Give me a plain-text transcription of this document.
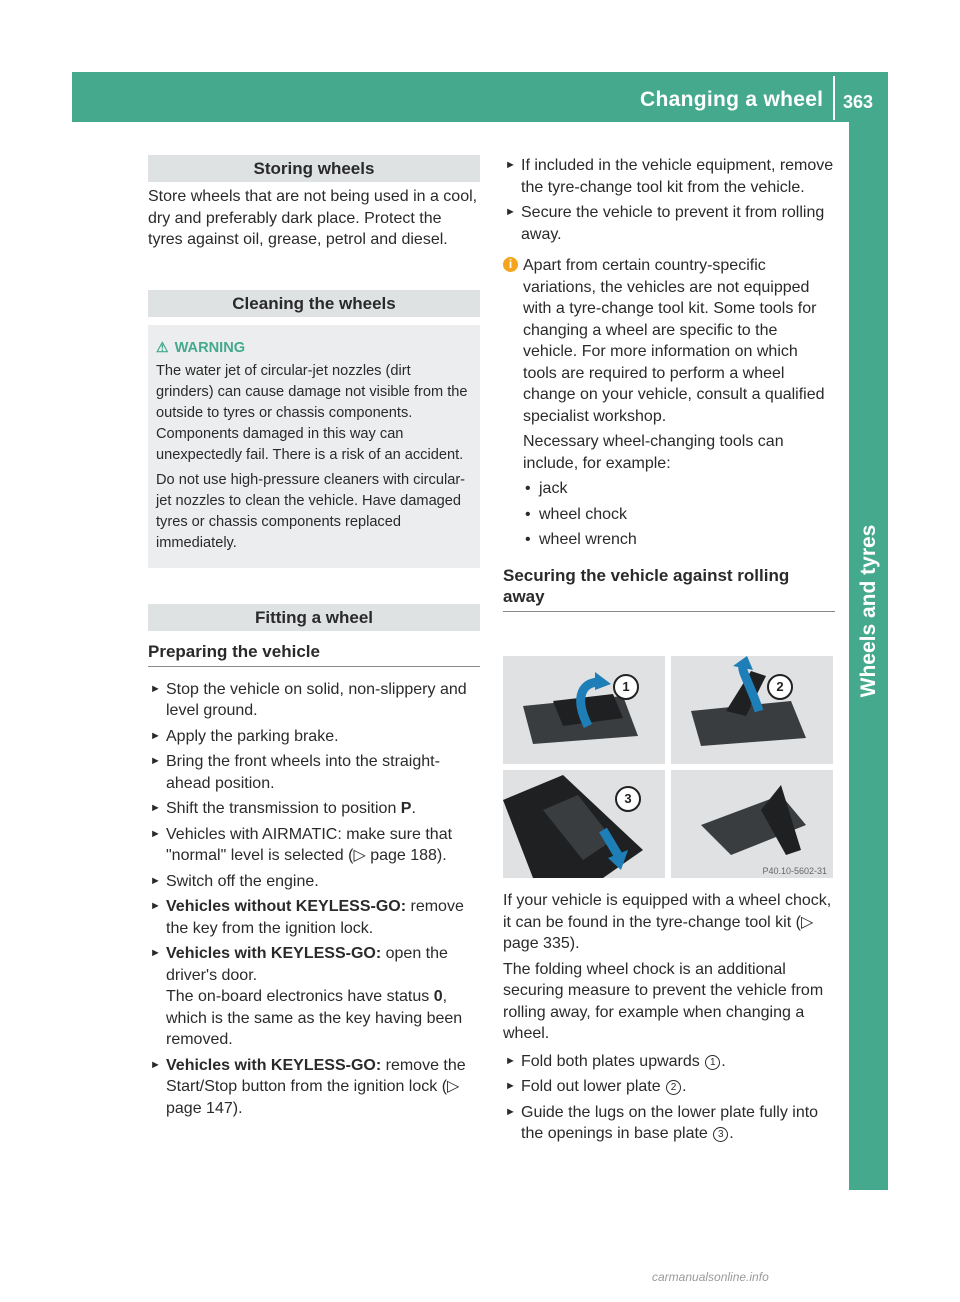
Changing a wheel 363
Wheels and tyres
Storing wheels

Store wheels that are not being used in a cool, dry and preferably dark place. Protect the tyres against oil, grease, petrol and diesel.

Cleaning the wheels
⚠ WARNING

The water jet of circular-jet nozzles (dirt grinders) can cause damage not visible from the outside to tyres or chassis components. Components damaged in this way can unexpectedly fail. There is a risk of an accident.

Do not use high-pressure cleaners with circular-jet nozzles to clean the vehicle. Have damaged tyres or chassis components replaced immediately.

Fitting a wheel
Preparing the vehicle
► Stop the vehicle on solid, non-slippery and level ground.
► Apply the parking brake.
► Bring the front wheels into the straight-ahead position.
► Shift the transmission to position P.
► Vehicles with AIRMATIC: make sure that "normal" level is selected (▷ page 188).
► Switch off the engine.
► Vehicles without KEYLESS-GO: remove the key from the ignition lock.
► Vehicles with KEYLESS-GO: open the driver's door.
The on-board electronics have status 0, which is the same as the key having been removed.
► Vehicles with KEYLESS-GO: remove the Start/Stop button from the ignition lock (▷ page 147).
► If included in the vehicle equipment, remove the tyre-change tool kit from the vehicle.
► Secure the vehicle to prevent it from rolling away.
i Apart from certain country-specific variations, the vehicles are not equipped with a tyre-change tool kit. Some tools for changing a wheel are specific to the vehicle. For more information on which tools are required to perform a wheel change on your vehicle, consult a qualified specialist workshop.

Necessary wheel-changing tools can include, for example:

• jack
• wheel chock
• wheel wrench
Securing the vehicle against rolling away
1	2
3
P40.10-5602-31

If your vehicle is equipped with a wheel chock, it can be found in the tyre-change tool kit (▷ page 335).

The folding wheel chock is an additional securing measure to prevent the vehicle from rolling away, for example when changing a wheel.

► Fold both plates upwards 1 .
► Fold out lower plate 2 .
► Guide the lugs on the lower plate fully into the openings in base plate 3 .
carmanualsonline.info
